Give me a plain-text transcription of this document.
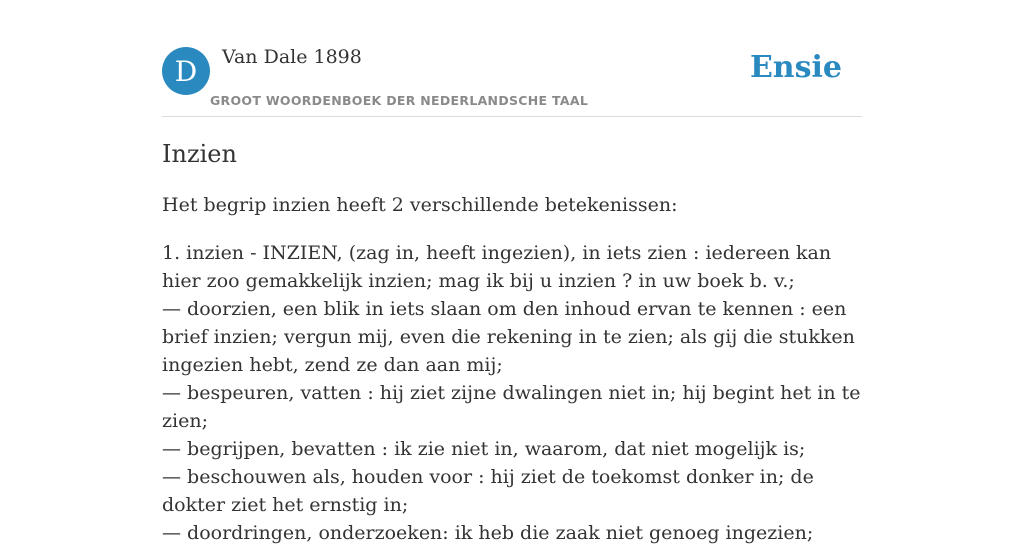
D	Van Dale 1898
GROOT WOORDENBOEK DER NEDERLANDSCHE TAAL
Ensie
Inzien
Het begrip inzien heeft 2 verschillende betekenissen:
1. inzien - INZIEN, (zag in, heeft ingezien), in iets zien : iedereen kan hier zoo gemakkelijk inzien; mag ik bij u inzien ? in uw boek b. v.;
— doorzien, een blik in iets slaan om den inhoud ervan te kennen : een brief inzien; vergun mij, even die rekening in te zien; als gij die stukken ingezien hebt, zend ze dan aan mij;
— bespeuren, vatten : hij ziet zijne dwalingen niet in; hij begint het in te zien;
— begrijpen, bevatten : ik zie niet in, waarom, dat niet mogelijk is;
— beschouwen als, houden voor : hij ziet de toekomst donker in; de dokter ziet het ernstig in;
— doordringen, onderzoeken: ik heb die zaak niet genoeg ingezien;
